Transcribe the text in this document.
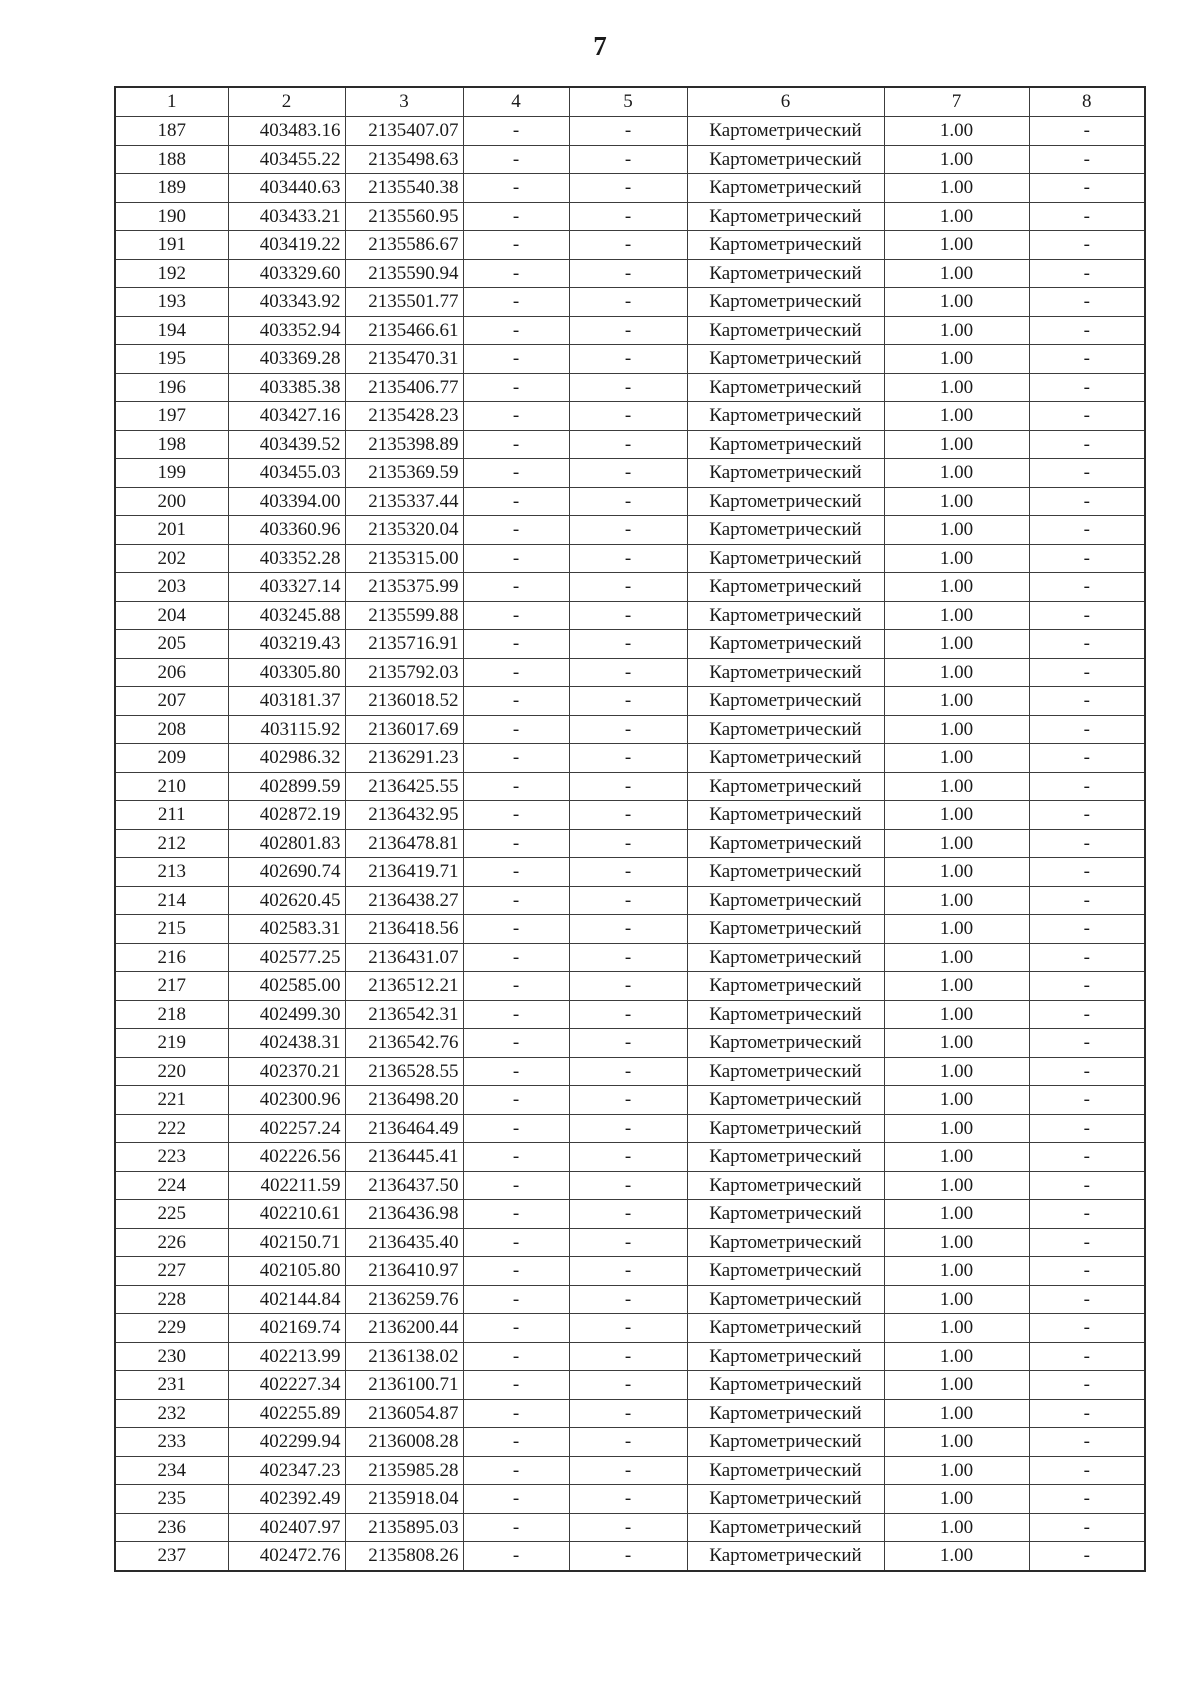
7
1	2	3	4	5	6	7	8
187	403483.16	2135407.07	-	-	Картометрический	1.00	-
188	403455.22	2135498.63	-	-	Картометрический	1.00	-
189	403440.63	2135540.38	-	-	Картометрический	1.00	-
190	403433.21	2135560.95	-	-	Картометрический	1.00	-
191	403419.22	2135586.67	-	-	Картометрический	1.00	-
192	403329.60	2135590.94	-	-	Картометрический	1.00	-
193	403343.92	2135501.77	-	-	Картометрический	1.00	-
194	403352.94	2135466.61	-	-	Картометрический	1.00	-
195	403369.28	2135470.31	-	-	Картометрический	1.00	-
196	403385.38	2135406.77	-	-	Картометрический	1.00	-
197	403427.16	2135428.23	-	-	Картометрический	1.00	-
198	403439.52	2135398.89	-	-	Картометрический	1.00	-
199	403455.03	2135369.59	-	-	Картометрический	1.00	-
200	403394.00	2135337.44	-	-	Картометрический	1.00	-
201	403360.96	2135320.04	-	-	Картометрический	1.00	-
202	403352.28	2135315.00	-	-	Картометрический	1.00	-
203	403327.14	2135375.99	-	-	Картометрический	1.00	-
204	403245.88	2135599.88	-	-	Картометрический	1.00	-
205	403219.43	2135716.91	-	-	Картометрический	1.00	-
206	403305.80	2135792.03	-	-	Картометрический	1.00	-
207	403181.37	2136018.52	-	-	Картометрический	1.00	-
208	403115.92	2136017.69	-	-	Картометрический	1.00	-
209	402986.32	2136291.23	-	-	Картометрический	1.00	-
210	402899.59	2136425.55	-	-	Картометрический	1.00	-
211	402872.19	2136432.95	-	-	Картометрический	1.00	-
212	402801.83	2136478.81	-	-	Картометрический	1.00	-
213	402690.74	2136419.71	-	-	Картометрический	1.00	-
214	402620.45	2136438.27	-	-	Картометрический	1.00	-
215	402583.31	2136418.56	-	-	Картометрический	1.00	-
216	402577.25	2136431.07	-	-	Картометрический	1.00	-
217	402585.00	2136512.21	-	-	Картометрический	1.00	-
218	402499.30	2136542.31	-	-	Картометрический	1.00	-
219	402438.31	2136542.76	-	-	Картометрический	1.00	-
220	402370.21	2136528.55	-	-	Картометрический	1.00	-
221	402300.96	2136498.20	-	-	Картометрический	1.00	-
222	402257.24	2136464.49	-	-	Картометрический	1.00	-
223	402226.56	2136445.41	-	-	Картометрический	1.00	-
224	402211.59	2136437.50	-	-	Картометрический	1.00	-
225	402210.61	2136436.98	-	-	Картометрический	1.00	-
226	402150.71	2136435.40	-	-	Картометрический	1.00	-
227	402105.80	2136410.97	-	-	Картометрический	1.00	-
228	402144.84	2136259.76	-	-	Картометрический	1.00	-
229	402169.74	2136200.44	-	-	Картометрический	1.00	-
230	402213.99	2136138.02	-	-	Картометрический	1.00	-
231	402227.34	2136100.71	-	-	Картометрический	1.00	-
232	402255.89	2136054.87	-	-	Картометрический	1.00	-
233	402299.94	2136008.28	-	-	Картометрический	1.00	-
234	402347.23	2135985.28	-	-	Картометрический	1.00	-
235	402392.49	2135918.04	-	-	Картометрический	1.00	-
236	402407.97	2135895.03	-	-	Картометрический	1.00	-
237	402472.76	2135808.26	-	-	Картометрический	1.00	-
